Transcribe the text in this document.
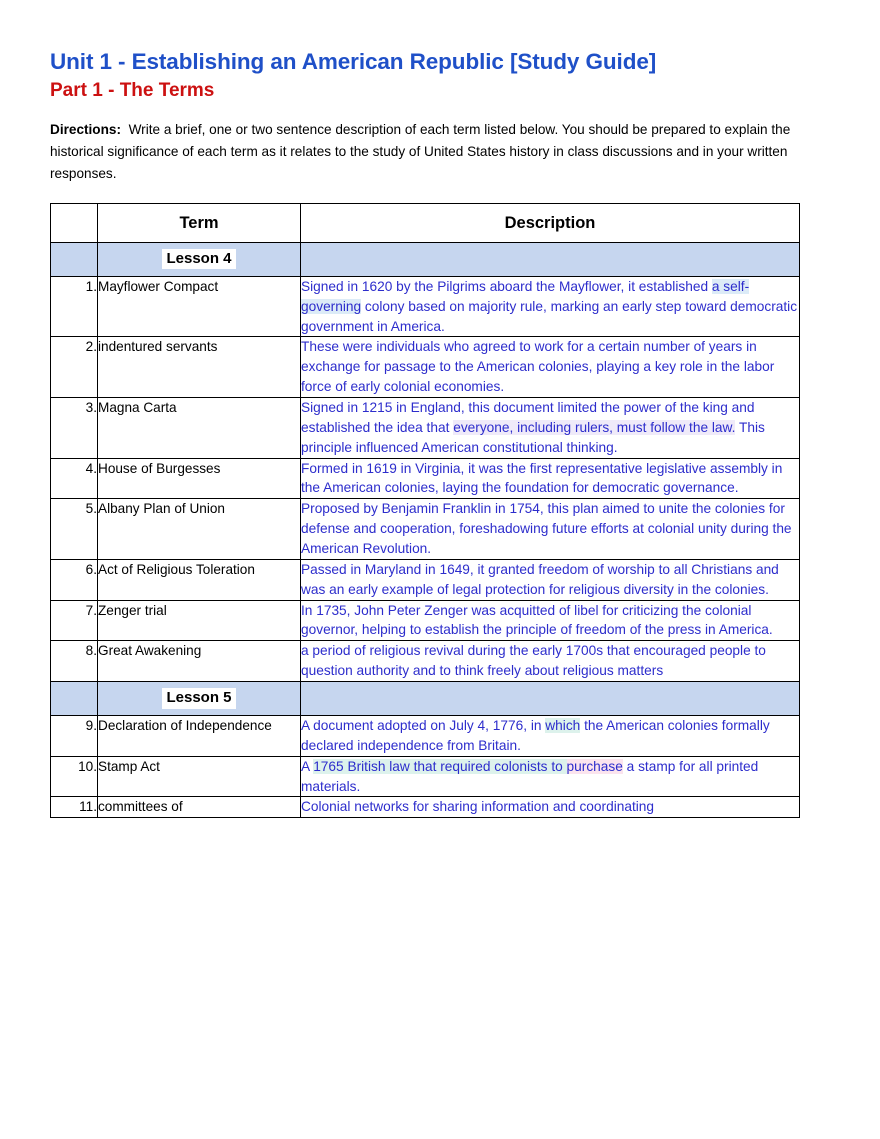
Unit 1 - Establishing an American Republic [Study Guide]
Part 1 - The Terms

Directions: Write a brief, one or two sentence description of each term listed below. You should be prepared to explain the historical significance of each term as it relates to the study of United States history in class discussions and in your written responses.

	Term	Description

	Lesson 4	

1.	Mayflower Compact	Signed in 1620 by the Pilgrims aboard the Mayflower, it established a self-governing colony based on majority rule, marking an early step toward democratic government in America.
2.	indentured servants	These were individuals who agreed to work for a certain number of years in exchange for passage to the American colonies, playing a key role in the labor force of early colonial economies.
3.	Magna Carta	Signed in 1215 in England, this document limited the power of the king and established the idea that everyone, including rulers, must follow the law. This principle influenced American constitutional thinking.
4.	House of Burgesses	Formed in 1619 in Virginia, it was the first representative legislative assembly in the American colonies, laying the foundation for democratic governance.
5.	Albany Plan of Union	Proposed by Benjamin Franklin in 1754, this plan aimed to unite the colonies for defense and cooperation, foreshadowing future efforts at colonial unity during the American Revolution.
6.	Act of Religious Toleration	Passed in Maryland in 1649, it granted freedom of worship to all Christians and was an early example of legal protection for religious diversity in the colonies.
7.	Zenger trial	In 1735, John Peter Zenger was acquitted of libel for criticizing the colonial governor, helping to establish the principle of freedom of the press in America.
8.	Great Awakening	a period of religious revival during the early 1700s that encouraged people to question authority and to think freely about religious matters

	Lesson 5	

9.	Declaration of Independence	A document adopted on July 4, 1776, in which the American colonies formally declared independence from Britain.
10.	Stamp Act	A 1765 British law that required colonists to purchase a stamp for all printed materials.
11.	committees of	Colonial networks for sharing information and coordinating
